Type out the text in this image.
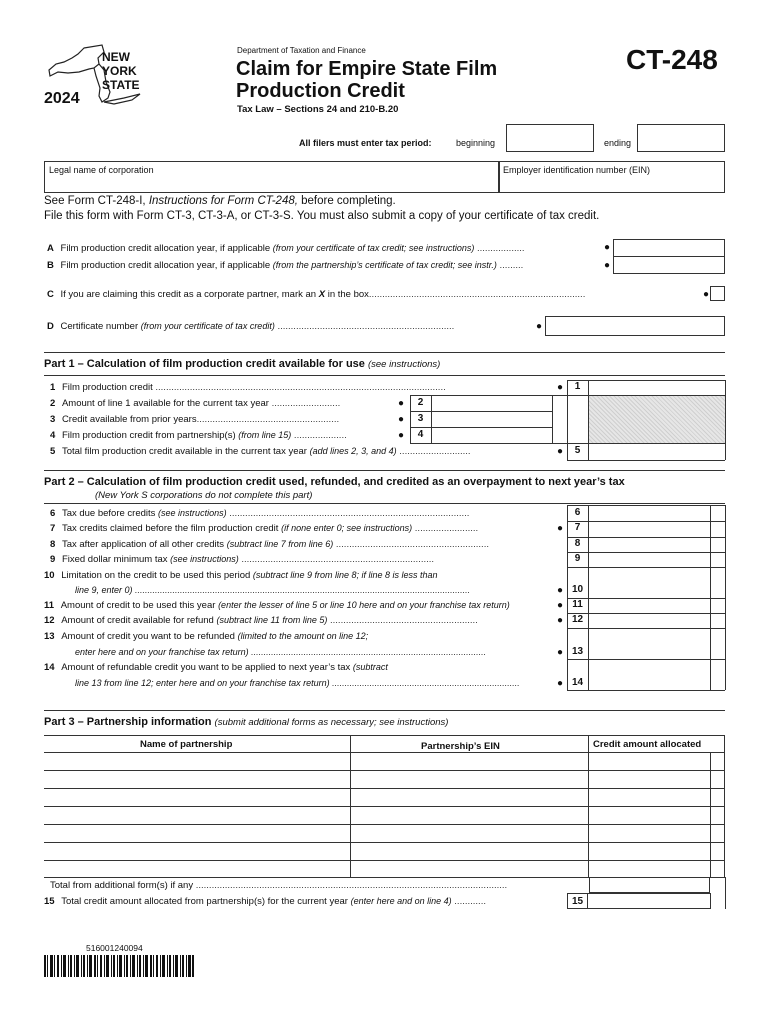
NEW
YORK
STATE
2024
Department of Taxation and Finance
Claim for Empire State Film
Production Credit
Tax Law – Sections 24 and 210-B.20
CT-248
All filers must enter tax period:	beginning	ending
Legal name of corporation	Employer identification number (EIN)
See Form CT-248-I, Instructions for Form CT-248, before completing.
File this form with Form CT-3, CT-3-A, or CT-3-S. You must also submit a copy of your certificate of tax credit.
A Film production credit allocation year, if applicable (from your certificate of tax credit; see instructions) ..................	●
B Film production credit allocation year, if applicable (from the partnership’s certificate of tax credit; see instr.) .........	●
C If you are claiming this credit as a corporate partner, mark an X in the box..................................................................................	●
D Certificate number (from your certificate of tax credit) ...................................................................	●
Part 1 – Calculation of film production credit available for use (see instructions)
1 Film production credit ..............................................................................................................	●	1
2 Amount of line 1 available for the current tax year ..........................	●	2
3 Credit available from prior years......................................................	●	3
4 Film production credit from partnership(s) (from line 15) ....................	●	4
5 Total film production credit available in the current tax year (add lines 2, 3, and 4) ...........................	●	5
Part 2 – Calculation of film production credit used, refunded, and credited as an overpayment to next year’s tax
(New York S corporations do not complete this part)
6 Tax due before credits (see instructions) ...........................................................................................	6
7 Tax credits claimed before the film production credit (if none enter 0; see instructions) ........................	●	7
8 Tax after application of all other credits (subtract line 7 from line 6) ..........................................................	8
9 Fixed dollar minimum tax (see instructions) .........................................................................	9
10 Limitation on the credit to be used this period (subtract line 9 from line 8; if line 8 is less than
line 9, enter 0) ......................................................................................................................................	● 10
11 Amount of credit to be used this year (enter the lesser of line 5 or line 10 here and on your franchise tax return)	● 11
12 Amount of credit available for refund (subtract line 11 from line 5) ........................................................	● 12
13 Amount of credit you want to be refunded (limited to the amount on line 12;
enter here and on your franchise tax return) ..............................................................................................	● 13
14 Amount of refundable credit you want to be applied to next year’s tax (subtract
line 13 from line 12; enter here and on your franchise tax return) ...........................................................................	● 14
Part 3 – Partnership information (submit additional forms as necessary; see instructions)
Name of partnership	Partnership’s EIN	Credit amount allocated
Total from additional form(s) if any ......................................................................................................................
15 Total credit amount allocated from partnership(s) for the current year (enter here and on line 4) ............	15
516001240094
